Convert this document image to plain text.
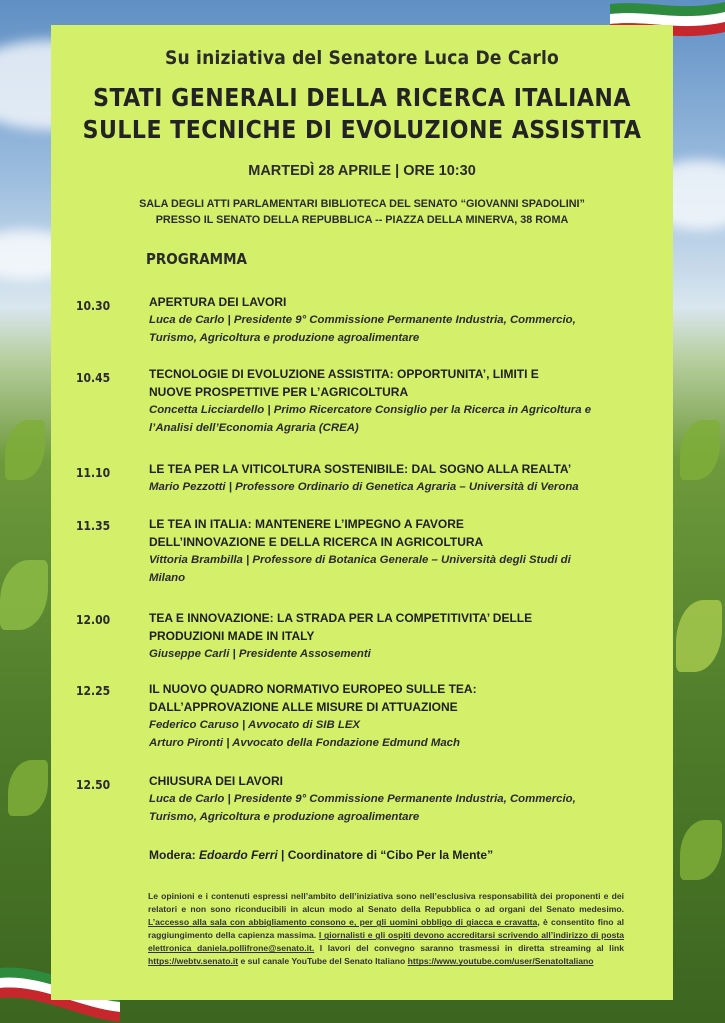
Su iniziativa del Senatore Luca De Carlo
STATI GENERALI DELLA RICERCA ITALIANA
SULLE TECNICHE DI EVOLUZIONE ASSISTITA
MARTEDÌ 28 APRILE | ORE 10:30
SALA DEGLI ATTI PARLAMENTARI BIBLIOTECA DEL SENATO “GIOVANNI SPADOLINI”
PRESSO IL SENATO DELLA REPUBBLICA -- PIAZZA DELLA MINERVA, 38 ROMA
PROGRAMMA
10.30	APERTURA DEI LAVORI
Luca de Carlo | Presidente 9° Commissione Permanente Industria, Commercio,
Turismo, Agricoltura e produzione agroalimentare
10.45	TECNOLOGIE DI EVOLUZIONE ASSISTITA: OPPORTUNITA’, LIMITI E
NUOVE PROSPETTIVE PER L’AGRICOLTURA
Concetta Licciardello | Primo Ricercatore Consiglio per la Ricerca in Agricoltura e
l’Analisi dell’Economia Agraria (CREA)
11.10	LE TEA PER LA VITICOLTURA SOSTENIBILE: DAL SOGNO ALLA REALTA’
Mario Pezzotti | Professore Ordinario di Genetica Agraria – Università di Verona
11.35	LE TEA IN ITALIA: MANTENERE L’IMPEGNO A FAVORE
DELL’INNOVAZIONE E DELLA RICERCA IN AGRICOLTURA
Vittoria Brambilla | Professore di Botanica Generale – Università degli Studi di
Milano
12.00	TEA E INNOVAZIONE: LA STRADA PER LA COMPETITIVITA’ DELLE
PRODUZIONI MADE IN ITALY
Giuseppe Carli | Presidente Assosementi
12.25	IL NUOVO QUADRO NORMATIVO EUROPEO SULLE TEA:
DALL’APPROVAZIONE ALLE MISURE DI ATTUAZIONE
Federico Caruso | Avvocato di SIB LEX
Arturo Pironti | Avvocato della Fondazione Edmund Mach
12.50	CHIUSURA DEI LAVORI
Luca de Carlo | Presidente 9° Commissione Permanente Industria, Commercio,
Turismo, Agricoltura e produzione agroalimentare
Modera: Edoardo Ferri | Coordinatore di “Cibo Per la Mente”
Le opinioni e i contenuti espressi nell’ambito dell’iniziativa sono nell’esclusiva responsabilità dei proponenti e dei relatori e non sono riconducibili in alcun modo al Senato della Repubblica o ad organi del Senato medesimo. L’accesso alla sala con abbigliamento consono e, per gli uomini obbligo di giacca e cravatta, è consentito fino al raggiungimento della capienza massima. I giornalisti e gli ospiti devono accreditarsi scrivendo all’indirizzo di posta elettronica daniela.pollifrone@senato.it. I lavori del convegno saranno trasmessi in diretta streaming al link https://webtv.senato.it e sul canale YouTube del Senato Italiano https://www.youtube.com/user/SenatoItaliano
